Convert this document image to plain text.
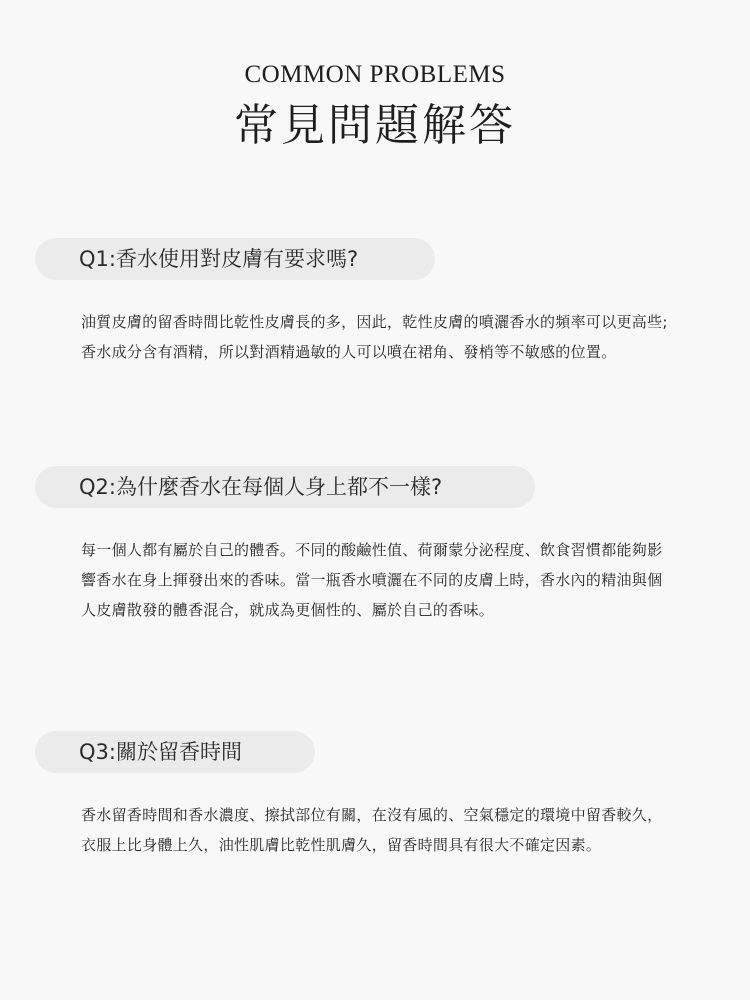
COMMON PROBLEMS
常見問題解答
Q1:香水使用對皮膚有要求嗎?
油質皮膚的留香時間比乾性皮膚長的多，因此，乾性皮膚的噴灑香水的頻率可以更高些;香水成分含有酒精，所以對酒精過敏的人可以噴在裙角、發梢等不敏感的位置。
Q2:為什麼香水在每個人身上都不一樣?
每一個人都有屬於自己的體香。不同的酸鹼性值、荷爾蒙分泌程度、飲食習慣都能夠影響香水在身上揮發出來的香味。當一瓶香水噴灑在不同的皮膚上時，香水內的精油與個人皮膚散發的體香混合，就成為更個性的、屬於自己的香味。
Q3:關於留香時間
香水留香時間和香水濃度、擦拭部位有關，在沒有風的、空氣穩定的環境中留香較久，衣服上比身體上久，油性肌膚比乾性肌膚久，留香時間具有很大不確定因素。
